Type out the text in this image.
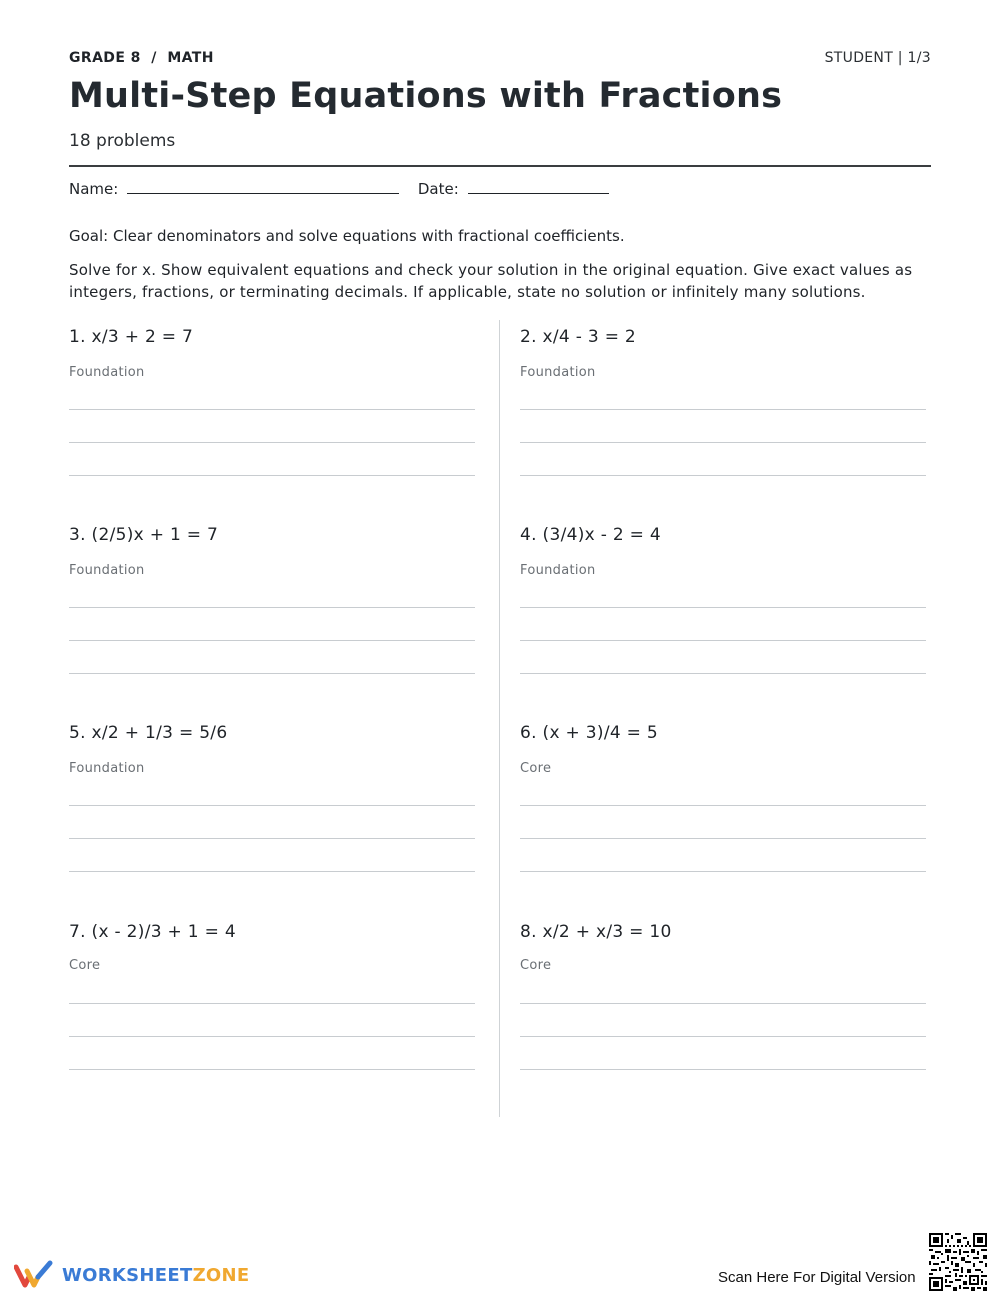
GRADE 8  /  MATH	STUDENT | 1/3
Multi-Step Equations with Fractions
18 problems
Name:	Date:
Goal: Clear denominators and solve equations with fractional coefficients.
Solve for x. Show equivalent equations and check your solution in the original equation. Give exact values as integers, fractions, or terminating decimals. If applicable, state no solution or infinitely many solutions.
1. x/3 + 2 = 7
Foundation
2. x/4 - 3 = 2
Foundation
3. (2/5)x + 1 = 7
Foundation
4. (3/4)x - 2 = 4
Foundation
5. x/2 + 1/3 = 5/6
Foundation
6. (x + 3)/4 = 5
Core
7. (x - 2)/3 + 1 = 4
Core
8. x/2 + x/3 = 10
Core
WORKSHEETZONE	Scan Here For Digital Version
